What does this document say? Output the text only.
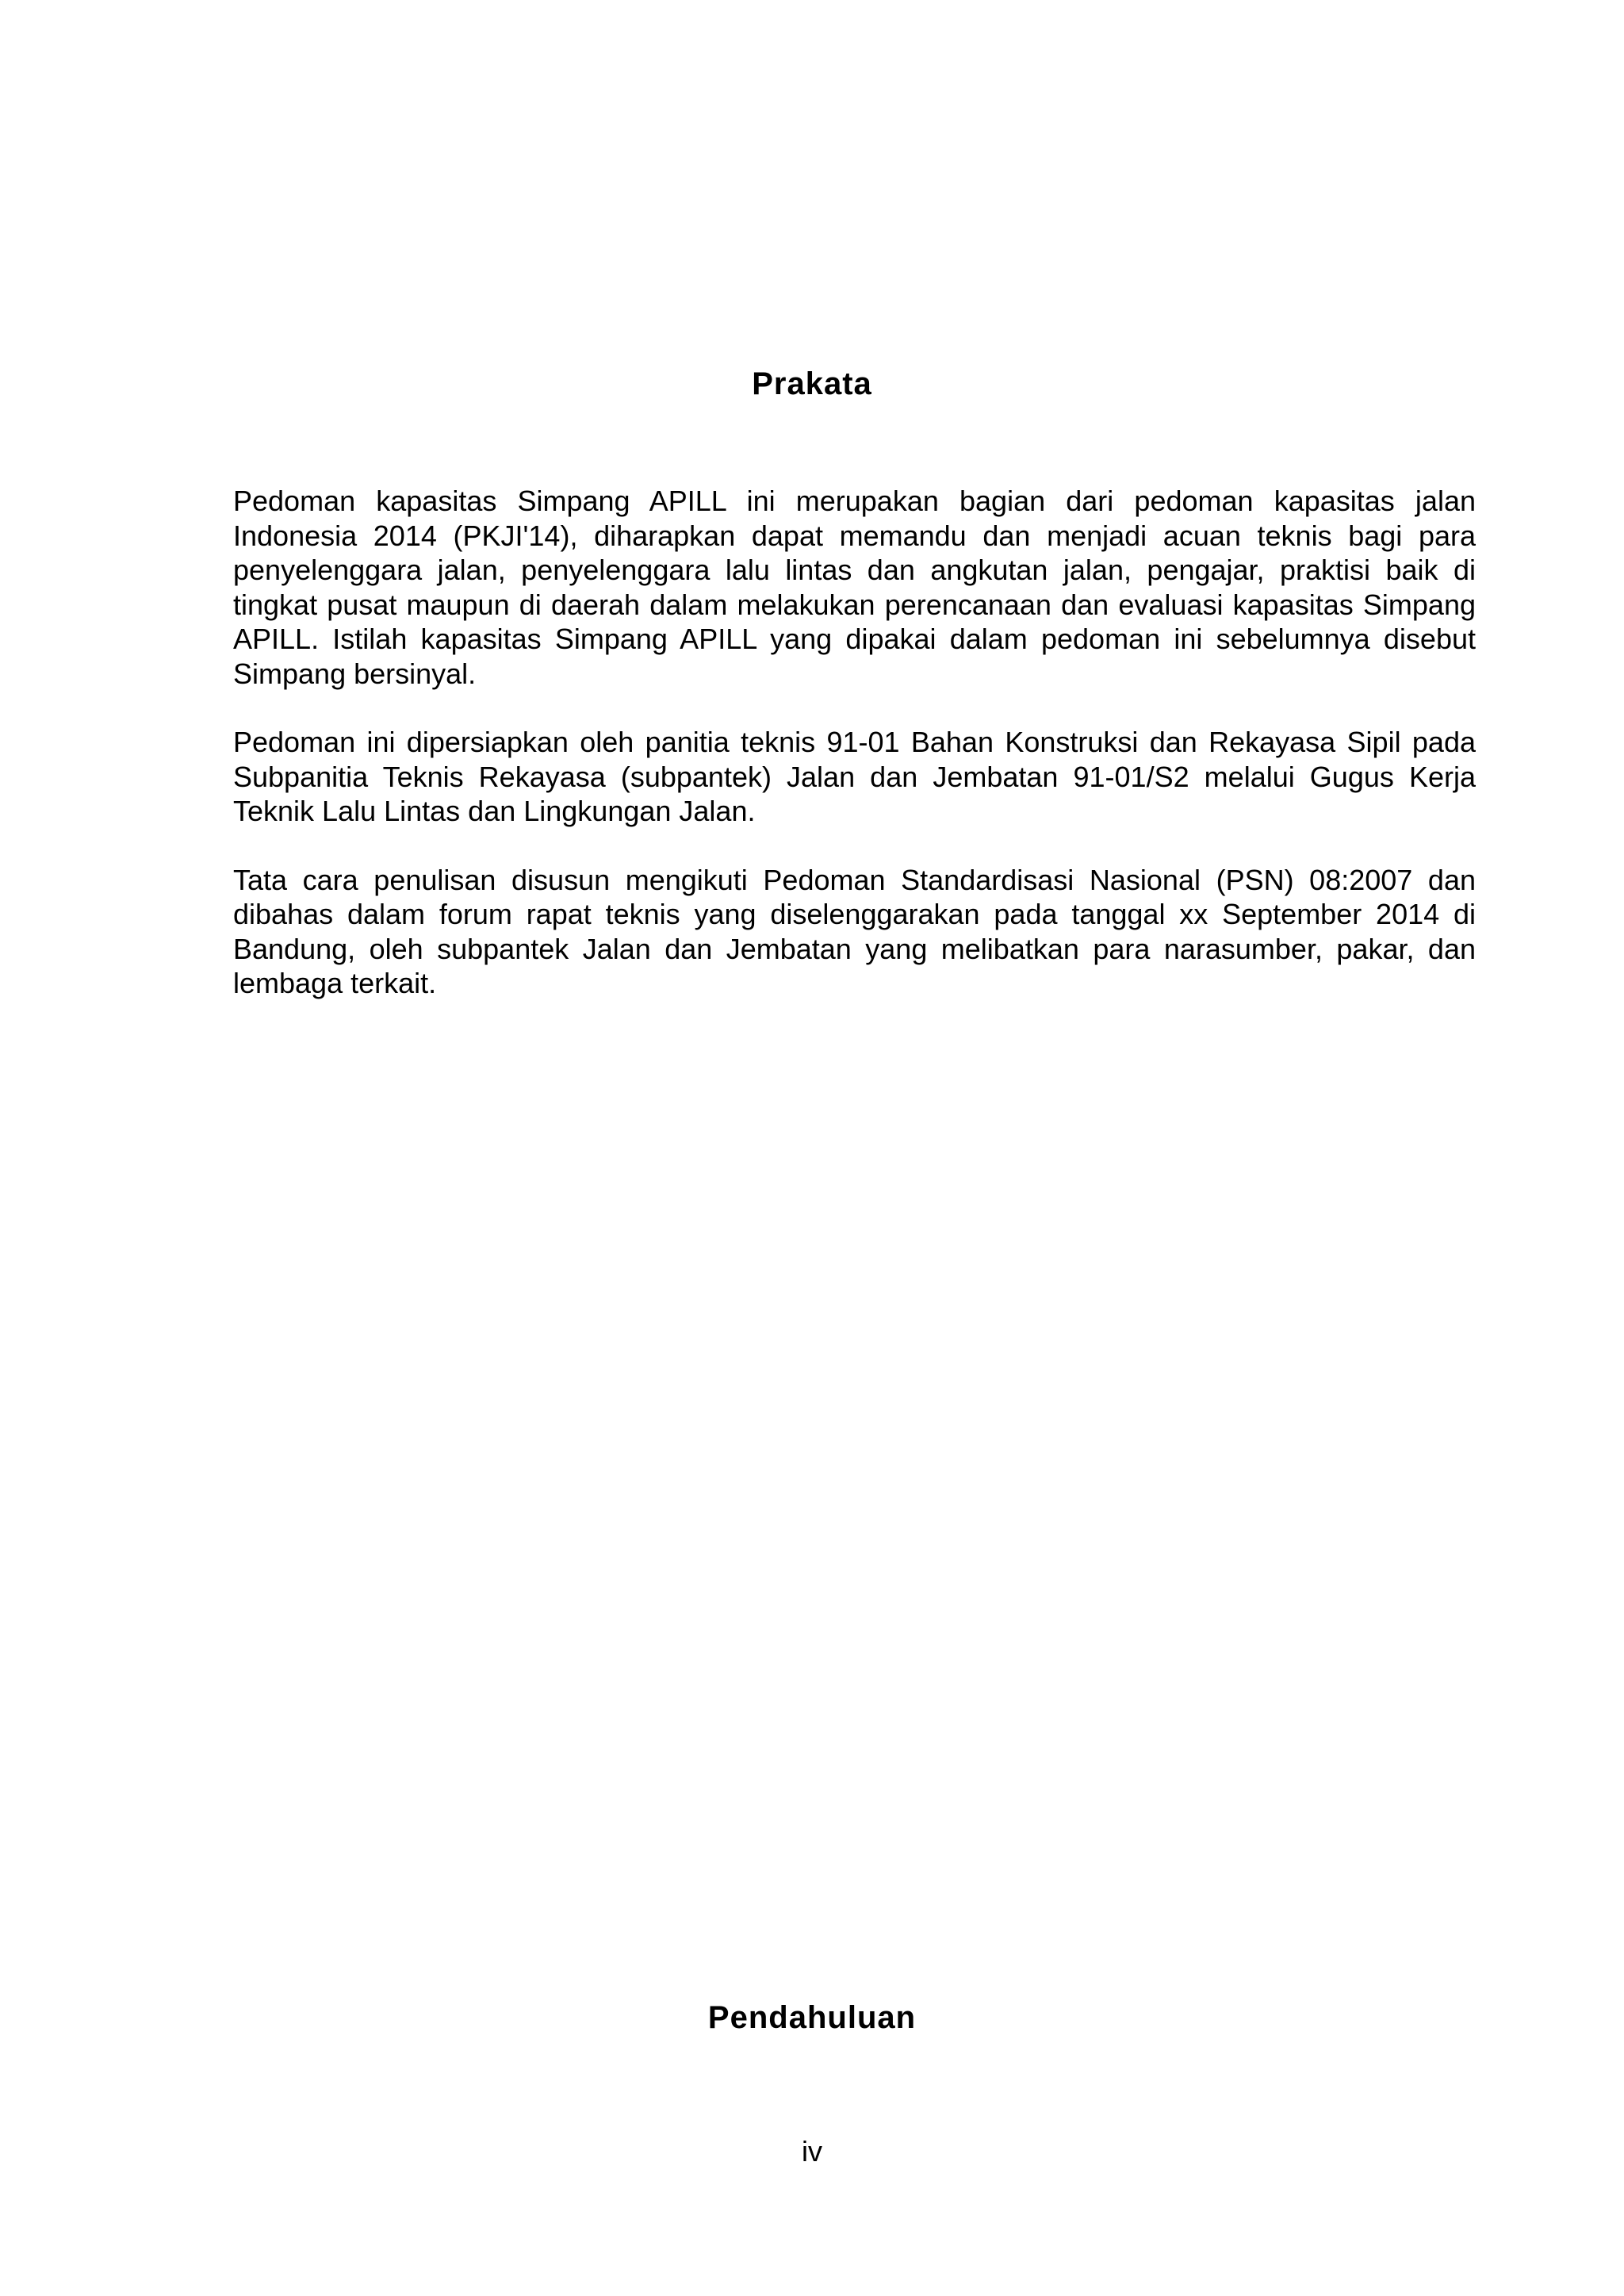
Prakata

Pedoman kapasitas Simpang APILL ini merupakan bagian dari pedoman kapasitas jalan Indonesia 2014 (PKJI'14), diharapkan dapat memandu dan menjadi acuan teknis bagi para penyelenggara jalan, penyelenggara lalu lintas dan angkutan jalan, pengajar, praktisi baik di tingkat pusat maupun di daerah dalam melakukan perencanaan dan evaluasi kapasitas Simpang APILL. Istilah kapasitas Simpang APILL yang dipakai dalam pedoman ini sebelumnya disebut Simpang bersinyal.

Pedoman ini dipersiapkan oleh panitia teknis 91-01 Bahan Konstruksi dan Rekayasa Sipil pada Subpanitia Teknis Rekayasa (subpantek) Jalan dan Jembatan 91-01/S2 melalui Gugus Kerja Teknik Lalu Lintas dan Lingkungan Jalan.

Tata cara penulisan disusun mengikuti Pedoman Standardisasi Nasional (PSN) 08:2007 dan dibahas dalam forum rapat teknis yang diselenggarakan pada tanggal xx September 2014 di Bandung, oleh subpantek Jalan dan Jembatan yang melibatkan para narasumber, pakar, dan lembaga terkait.

Pendahuluan
iv
